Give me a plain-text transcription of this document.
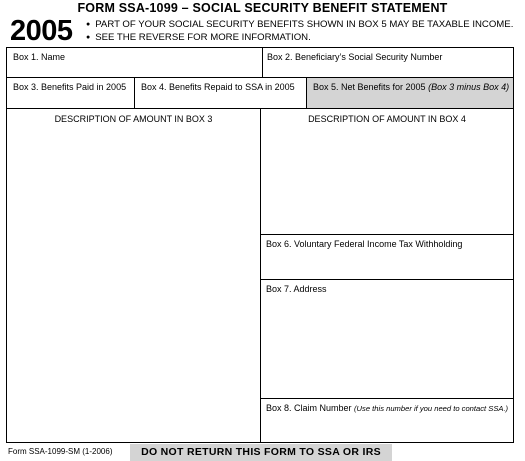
FORM SSA-1099 – SOCIAL SECURITY BENEFIT STATEMENT
2005
●	PART OF YOUR SOCIAL SECURITY BENEFITS SHOWN IN BOX 5 MAY BE TAXABLE INCOME.
● SEE THE REVERSE FOR MORE INFORMATION.
Box 1. Name	Box 2. Beneficiary’s Social Security Number
Box 3. Benefits Paid in 2005 Box 4. Benefits Repaid to SSA in 2005 Box 5. Net Benefits for 2005 (Box 3 minus Box 4)
DESCRIPTION OF AMOUNT IN BOX 3	DESCRIPTION OF AMOUNT IN BOX 4
Box 6. Voluntary Federal Income Tax Withholding
Box 7. Address
Box 8. Claim Number (Use this number if you need to contact SSA.)
Form SSA-1099-SM (1-2006)	DO NOT RETURN THIS FORM TO SSA OR IRS
